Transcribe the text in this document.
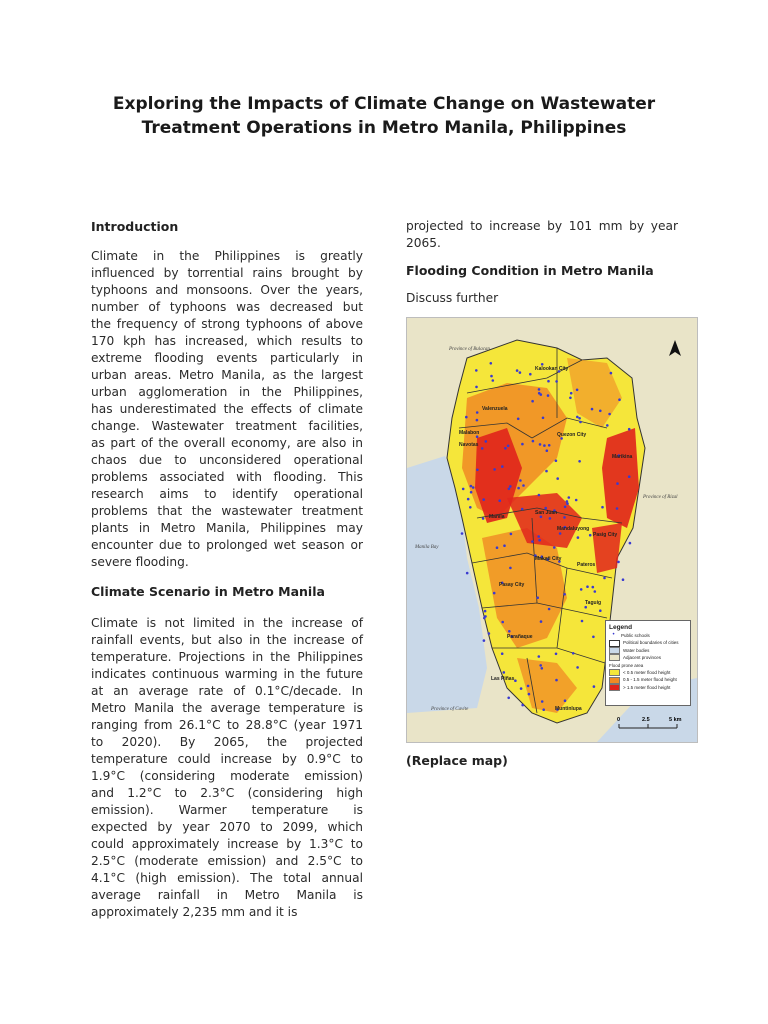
Exploring the Impacts of Climate Change on Wastewater
Treatment Operations in Metro Manila, Philippines
Introduction
Climate in the Philippines is greatly
influenced by torrential rains brought by
typhoons and monsoons. Over the years,
number of typhoons was decreased but
the frequency of strong typhoons of above
170 kph has increased, which results to
extreme flooding events particularly in
urban areas. Metro Manila, as the largest
urban agglomeration in the Philippines,
has underestimated the effects of climate
change. Wastewater treatment facilities,
as part of the overall economy, are also in
chaos due to unconsidered operational
problems associated with flooding. This
research aims to identify operational
problems that the wastewater treatment
plants in Metro Manila, Philippines may
encounter due to prolonged wet season or
severe flooding.
Climate Scenario in Metro Manila
Climate is not limited in the increase of
rainfall events, but also in the increase of
temperature. Projections in the Philippines
indicates continuous warming in the future
at an average rate of 0.1°C/decade. In
Metro Manila the average temperature is
ranging from 26.1°C to 28.8°C (year 1971
to 2020). By 2065, the projected
temperature could increase by 0.9°C to
1.9°C (considering moderate emission)
and 1.2°C to 2.3°C (considering high
emission). Warmer temperature is
expected by year 2070 to 2099, which
could approximately increase by 1.3°C to
2.5°C (moderate emission) and 2.5°C to
4.1°C (high emission). The total annual
average rainfall in Metro Manila is
approximately 2,235 mm and it is
projected to increase by 101 mm by year
2065.
Flooding Condition in Metro Manila
Discuss further
Province of Bulacan
Province of Rizal
Manila Bay
Province of Cavite
Kalookan City
Valenzuela
Malabon
Navotas
Quezon City
Marikina
Manila
San Juan
Mandaluyong
Pasig City
Makati City
Pateros
Pasay City
Taguig
Parañaque
Las Piñas
Muntinlupa
0	2.5	5 km
Legend
•	Public schools
Political boundaries of cities
Water bodies
Adjacent provinces
Flood prone area
< 0.5 meter flood height
0.5 - 1.5 meter flood height
> 1.5 meter flood height
(Replace map)
